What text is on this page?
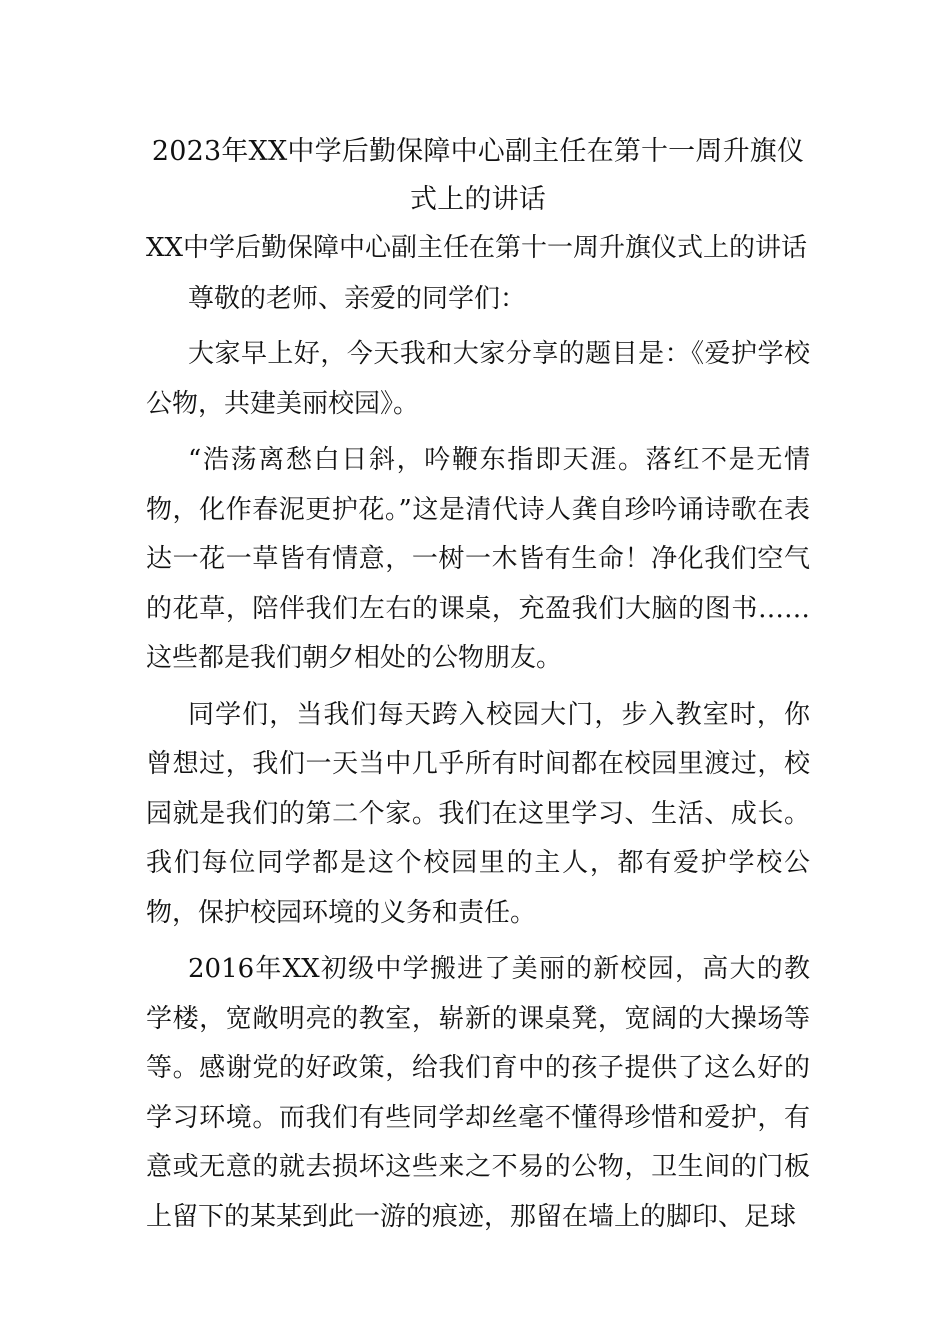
2023年XX中学后勤保障中心副主任在第十一周升旗仪式上的讲话

XX中学后勤保障中心副主任在第十一周升旗仪式上的讲话

尊敬的老师、亲爱的同学们：

大家早上好，今天我和大家分享的题目是：《爱护学校公物，共建美丽校园》。

“浩荡离愁白日斜，吟鞭东指即天涯。落红不是无情物，化作春泥更护花。”这是清代诗人龚自珍吟诵诗歌在表达一花一草皆有情意，一树一木皆有生命！净化我们空气的花草，陪伴我们左右的课桌，充盈我们大脑的图书……这些都是我们朝夕相处的公物朋友。

同学们，当我们每天跨入校园大门，步入教室时，你曾想过，我们一天当中几乎所有时间都在校园里渡过，校园就是我们的第二个家。我们在这里学习、生活、成长。我们每位同学都是这个校园里的主人，都有爱护学校公物，保护校园环境的义务和责任。

2016年XX初级中学搬进了美丽的新校园，高大的教学楼，宽敞明亮的教室，崭新的课桌凳，宽阔的大操场等等。感谢党的好政策，给我们育中的孩子提供了这么好的学习环境。而我们有些同学却丝毫不懂得珍惜和爱护，有意或无意的就去损坏这些来之不易的公物，卫生间的门板上留下的某某到此一游的痕迹，那留在墙上的脚印、足球
